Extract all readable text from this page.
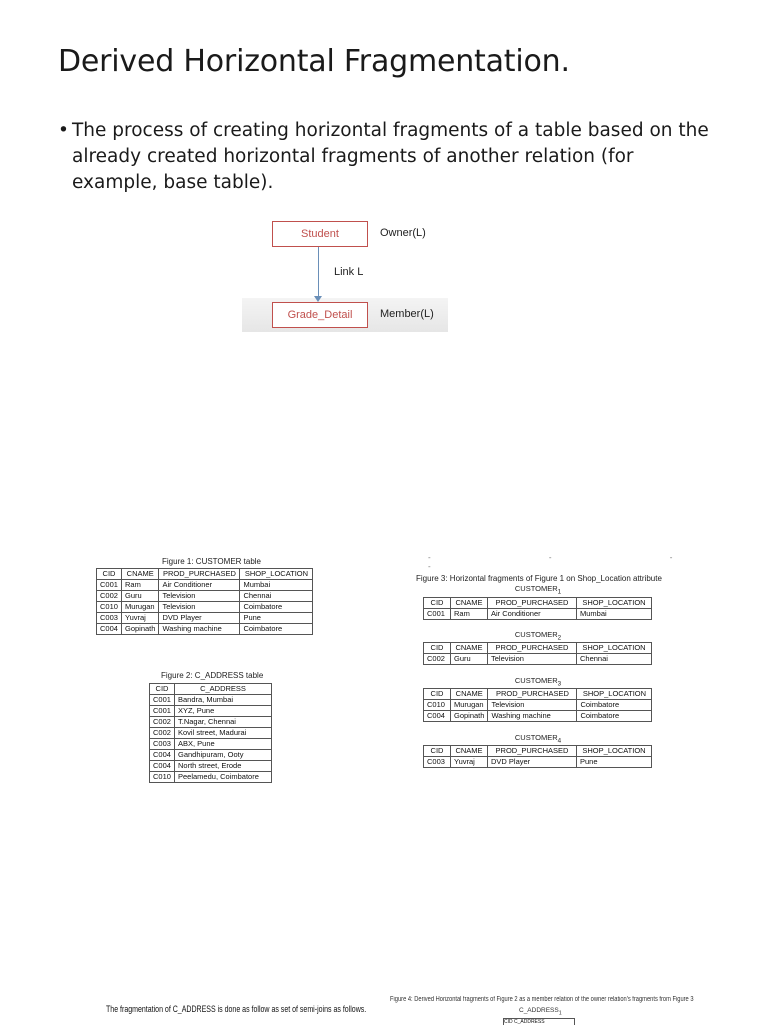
Derived Horizontal Fragmentation.
• The process of creating horizontal fragments of a table based on the already created horizontal fragments of another relation (for example, base table).
Student	Owner(L)
Link L
Grade_Detail	Member(L)
Figure 1: CUSTOMER table
CID	CNAME	PROD_PURCHASED	SHOP_LOCATION
C001	Ram	Air Conditioner	Mumbai
C002	Guru	Television	Chennai
C010	Murugan	Television	Coimbatore
C003	Yuvraj	DVD Player	Pune
C004	Gopinath	Washing machine	Coimbatore
Figure 2: C_ADDRESS table
CID	C_ADDRESS
C001	Bandra, Mumbai
C001	XYZ, Pune
C002	T.Nagar, Chennai
C002	Kovil street, Madurai
C003	ABX, Pune
C004	Gandhipuram, Ooty
C004	North street, Erode
C010	Peelamedu, Coimbatore
- - - -
Figure 3: Horizontal fragments of Figure 1 on Shop_Location attribute
$CUSTOMER_1$
CID	CNAME	PROD_PURCHASED	SHOP_LOCATION
C001	Ram	Air Conditioner	Mumbai
$CUSTOMER_2$
CID	CNAME	PROD_PURCHASED	SHOP_LOCATION
C002	Guru	Television	Chennai
$CUSTOMER_3$
CID	CNAME	PROD_PURCHASED	SHOP_LOCATION
C010	Murugan	Television	Coimbatore
C004	Gopinath	Washing machine	Coimbatore
$CUSTOMER_4$
CID	CNAME	PROD_PURCHASED	SHOP_LOCATION
C003	Yuvraj	DVD Player	Pune
The fragmentation of C_ADDRESS is done as follow as set of semi-joins as follows.
Figure 4: Derived Horizontal fragments of Figure 2 as a member relation of the owner relation's fragments from Figure 3
$C\_ADDRESS_1$
CID C_ADDRESS
